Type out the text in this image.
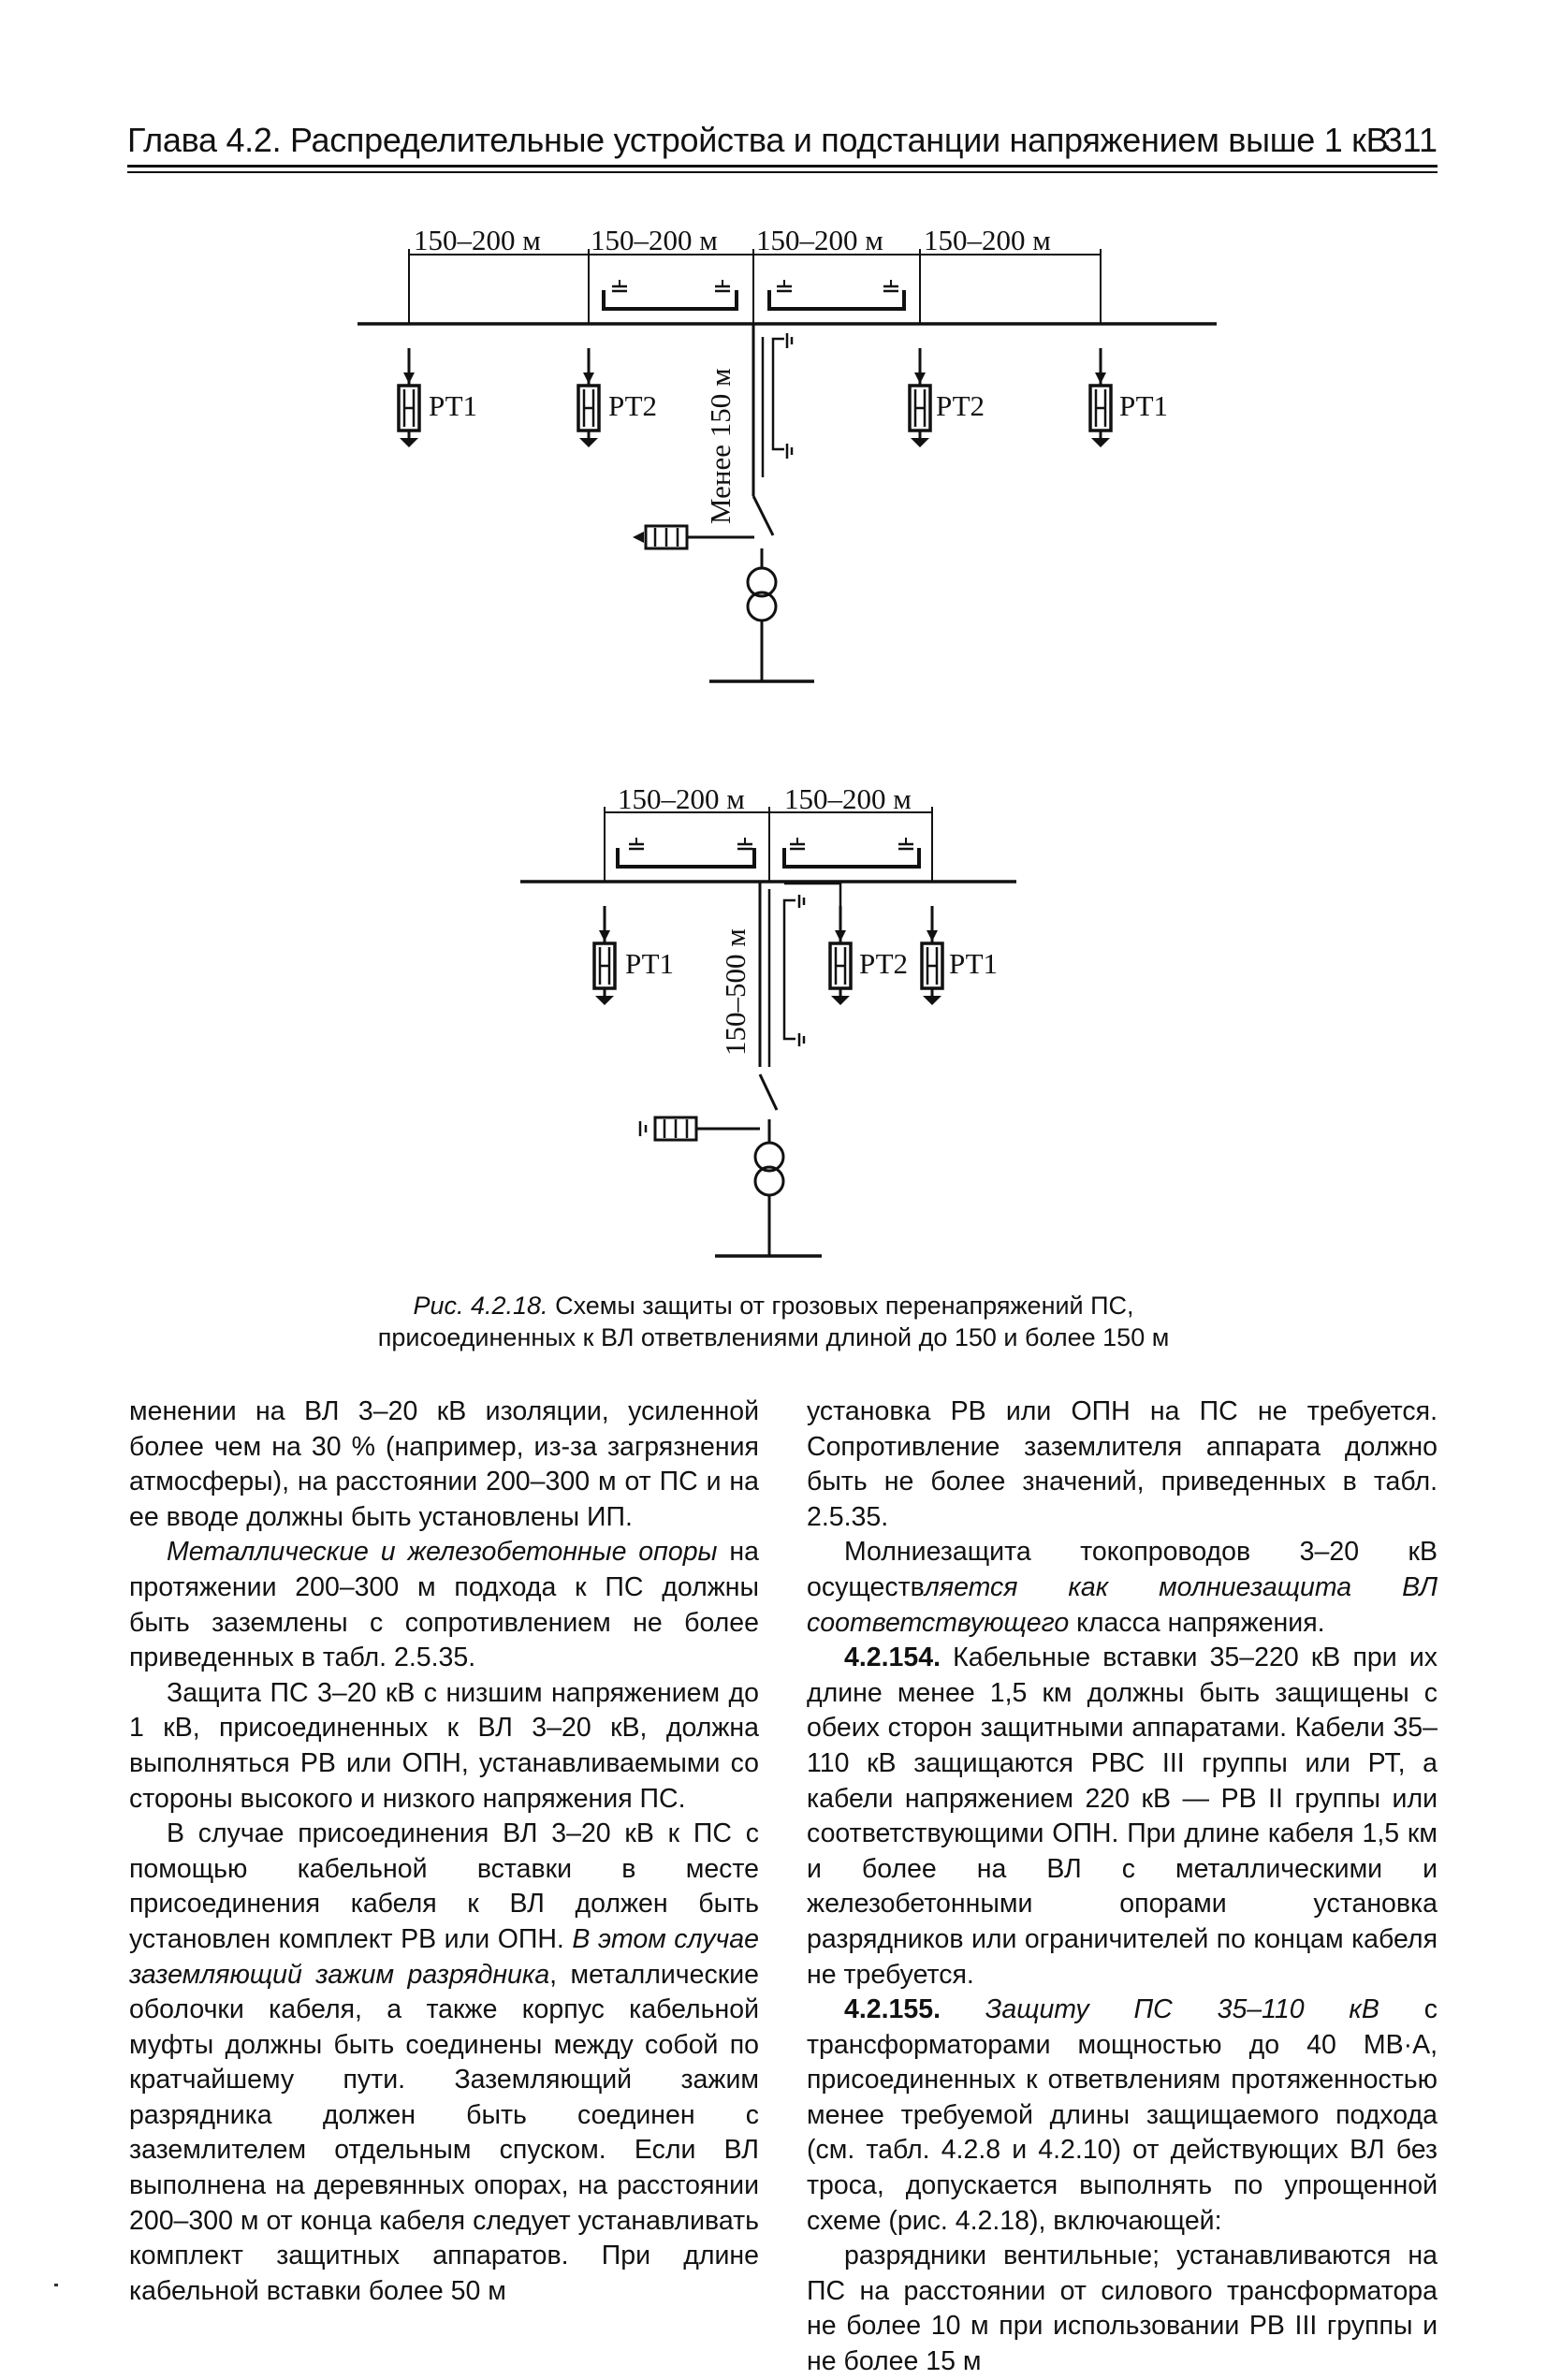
Глава 4.2. Распределительные устройства и подстанции напряжением выше 1 кВ
311
150–200 м 150–200 м 150–200 м 150–200 м
РТ1	РТ2	РТ2	РТ1
Менее 150 м
150–200 м 150–200 м
РТ1	РТ2 РТ1
150–500 м
Рис. 4.2.18. Схемы защиты от грозовых перенапряжений ПС,
присоединенных к ВЛ ответвлениями длиной до 150 и более 150 м

менении на ВЛ 3–20 кВ изоляции, усиленной более чем на 30 % (например, из-за загрязнения атмосферы), на расстоянии 200–300 м от ПС и на ее вводе должны быть установлены ИП.

Металлические и железобетонные опоры на протяжении 200–300 м подхода к ПС должны быть заземлены с сопротивлением не более приведенных в табл. 2.5.35.

Защита ПС 3–20 кВ с низшим напряжением до 1 кВ, присоединенных к ВЛ 3–20 кВ, должна выполняться РВ или ОПН, устанавливаемыми со стороны высокого и низкого напряжения ПС.

В случае присоединения ВЛ 3–20 кВ к ПС с помощью кабельной вставки в месте присоединения кабеля к ВЛ должен быть установлен комплект РВ или ОПН. В этом случае заземляющий зажим разрядника, металлические оболочки кабеля, а также корпус кабельной муфты должны быть соединены между собой по кратчайшему пути. Заземляющий зажим разрядника должен быть соединен с заземлителем отдельным спуском. Если ВЛ выполнена на деревянных опорах, на расстоянии 200–300 м от конца кабеля следует устанавливать комплект защитных аппаратов. При длине кабельной вставки более 50 м

установка РВ или ОПН на ПС не требуется. Сопротивление заземлителя аппарата должно быть не более значений, приведенных в табл. 2.5.35.

Молниезащита токопроводов 3–20 кВ осуществляется как молниезащита ВЛ соответствующего класса напряжения.

4.2.154. Кабельные вставки 35–220 кВ при их длине менее 1,5 км должны быть защищены с обеих сторон защитными аппаратами. Кабели 35–110 кВ защищаются РВС III группы или РТ, а кабели напряжением 220 кВ — РВ II группы или соответствующими ОПН. При длине кабеля 1,5 км и более на ВЛ с металлическими и железобетонными опорами установка разрядников или ограничителей по концам кабеля не требуется.

4.2.155. Защиту ПС 35–110 кВ с трансформаторами мощностью до 40 МВ·А, присоединенных к ответвлениям протяженностью менее требуемой длины защищаемого подхода (см. табл. 4.2.8 и 4.2.10) от действующих ВЛ без троса, допускается выполнять по упрощенной схеме (рис. 4.2.18), включающей:

разрядники вентильные; устанавливаются на ПС на расстоянии от силового трансформатора не более 10 м при использовании РВ III группы и не более 15 м
